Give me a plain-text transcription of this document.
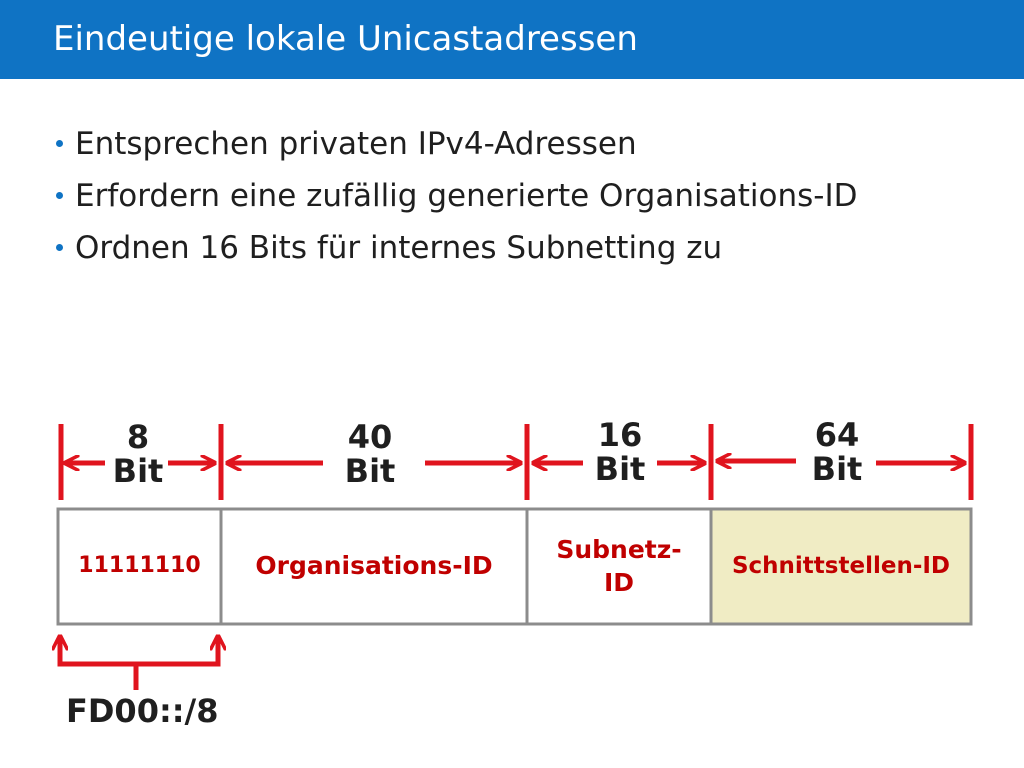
Eindeutige lokale Unicastadressen
Entsprechen privaten IPv4-Adressen
Erfordern eine zufällig generierte Organisations-ID
Ordnen 16 Bits für internes Subnetting zu
8
Bit
40
Bit
16
Bit
64
Bit
11111110	Organisations-ID
Subnetz-
ID
Schnittstellen-ID
FD00::/8
